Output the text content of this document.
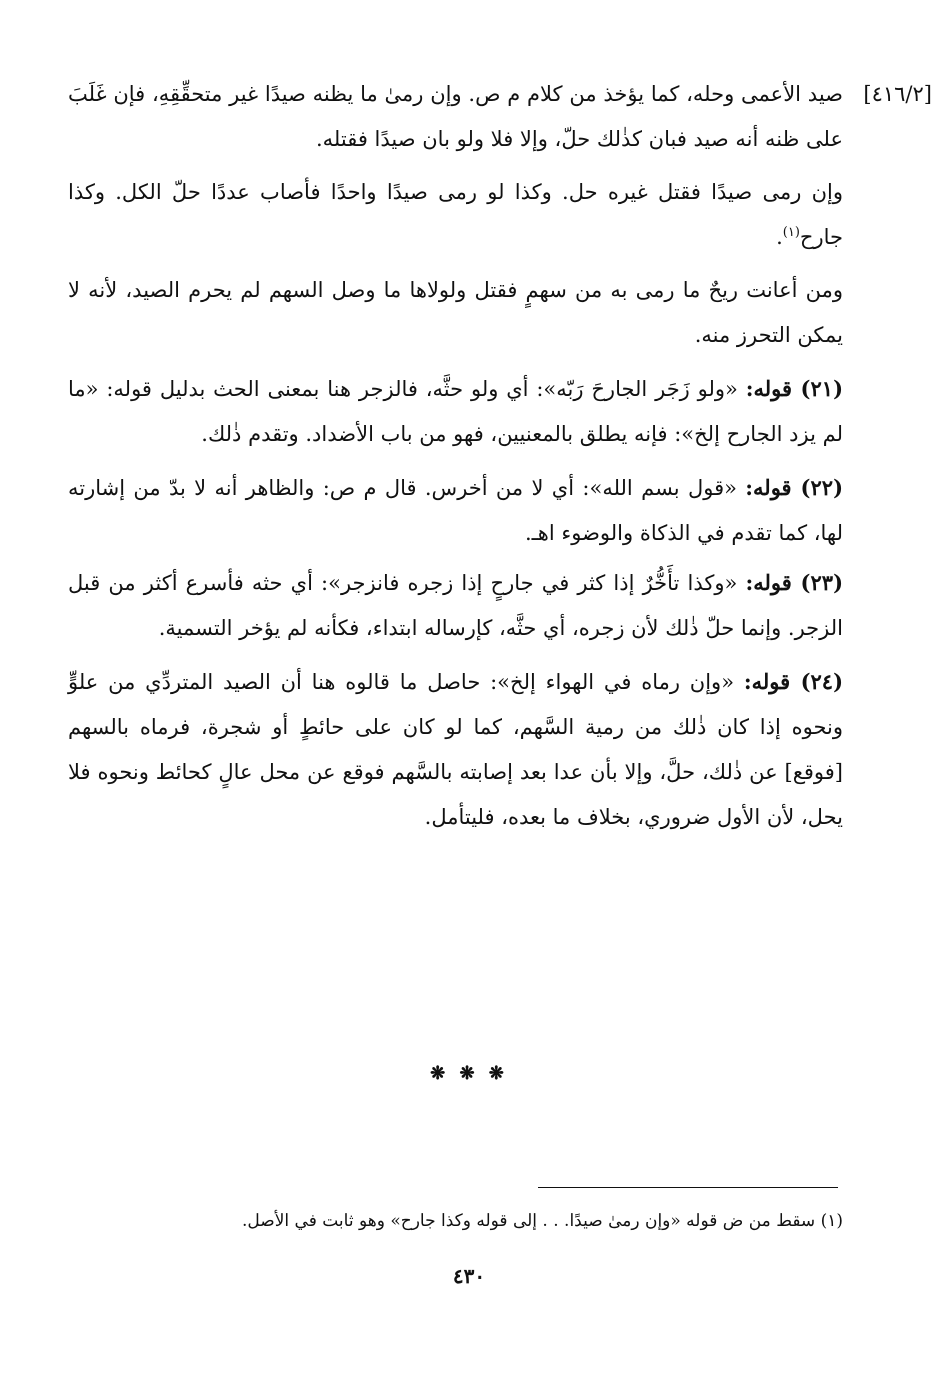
[٤١٦/٢]

صيد الأعمى وحله، كما يؤخذ من كلام م ص. وإن رمىٰ ما يظنه صيدًا غير متحقِّقِهِ، فإن غَلَبَ على ظنه أنه صيد فبان كذٰلك حلّ، وإلا فلا ولو بان صيدًا فقتله.

وإن رمى صيدًا فقتل غيره حل. وكذا لو رمى صيدًا واحدًا فأصاب عددًا حلّ الكل. وكذا جارح$^{(١)}$.

ومن أعانت ريحٌ ما رمى به من سهمٍ فقتل ولولاها ما وصل السهم لم يحرم الصيد، لأنه لا يمكن التحرز منه.

(٢١) قوله: «ولو زَجَر الجارحَ رَبّه»: أي ولو حثَّه، فالزجر هنا بمعنى الحث بدليل قوله: «ما لم يزد الجارح إلخ»: فإنه يطلق بالمعنيين، فهو من باب الأضداد. وتقدم ذٰلك.

(٢٢) قوله: «قول بسم الله»: أي لا من أخرس. قال م ص: والظاهر أنه لا بدّ من إشارته لها، كما تقدم في الذكاة والوضوء اهـ.

(٢٣) قوله: «وكذا تأَخُّرٌ إذا كثر في جارحٍ إذا زجره فانزجر»: أي حثه فأسرع أكثر من قبل الزجر. وإنما حلّ ذٰلك لأن زجره، أي حثَّه، كإرساله ابتداء، فكأنه لم يؤخر التسمية.

(٢٤) قوله: «وإن رماه في الهواء إلخ»: حاصل ما قالوه هنا أن الصيد المتردِّي من علوٍّ ونحوه إذا كان ذٰلك من رمية السَّهم، كما لو كان على حائطٍ أو شجرة، فرماه بالسهم [فوقع] عن ذٰلك، حلَّ، وإلا بأن عدا بعد إصابته بالسَّهم فوقع عن محل عالٍ كحائط ونحوه فلا يحل، لأن الأول ضروري، بخلاف ما بعده، فليتأمل.

❋ ❋ ❋
(١) سقط من ض قوله «وإن رمىٰ صيدًا. . . إلى قوله وكذا جارح» وهو ثابت في الأصل.
٤٣٠
